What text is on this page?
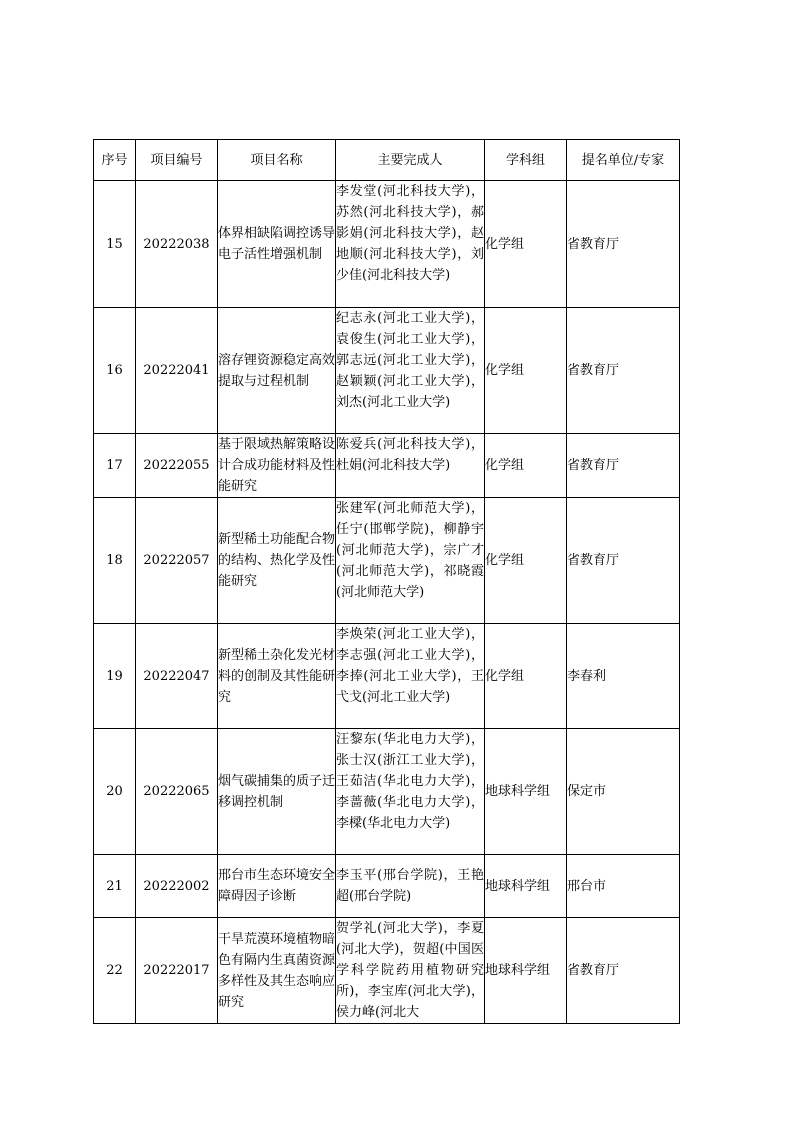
序号	项目编号	项目名称	主要完成人	学科组	提名单位/专家
15	20222038	体界相缺陷调控诱导电子活性增强机制	李发堂(河北科技大学)，苏然(河北科技大学)，郝影娟(河北科技大学)，赵地顺(河北科技大学)，刘少佳(河北科技大学)	化学组	省教育厅
16	20222041	溶存锂资源稳定高效提取与过程机制	纪志永(河北工业大学)，袁俊生(河北工业大学)，郭志远(河北工业大学)，赵颖颖(河北工业大学)，刘杰(河北工业大学)	化学组	省教育厅
17	20222055	基于限域热解策略设计合成功能材料及性能研究	陈爱兵(河北科技大学)，杜娟(河北科技大学)	化学组	省教育厅
18	20222057	新型稀土功能配合物的结构、热化学及性能研究	张建军(河北师范大学)，任宁(邯郸学院)，柳静宇(河北师范大学)，宗广才(河北师范大学)，祁晓霞(河北师范大学)	化学组	省教育厅
19	20222047	新型稀土杂化发光材料的创制及其性能研究	李焕荣(河北工业大学)，李志强(河北工业大学)，李捧(河北工业大学)，王弋戈(河北工业大学)	化学组	李春利
20	20222065	烟气碳捕集的质子迁移调控机制	汪黎东(华北电力大学)，张士汉(浙江工业大学)，王茹洁(华北电力大学)，李蔷薇(华北电力大学)，李樑(华北电力大学)	地球科学组	保定市
21	20222002	邢台市生态环境安全障碍因子诊断	李玉平(邢台学院)，王艳超(邢台学院)	地球科学组	邢台市
22	20222017	干旱荒漠环境植物暗色有隔内生真菌资源多样性及其生态响应研究	贺学礼(河北大学)，李夏(河北大学)，贺超(中国医学科学院药用植物研究所)，李宝库(河北大学)，侯力峰(河北大	地球科学组	省教育厅
